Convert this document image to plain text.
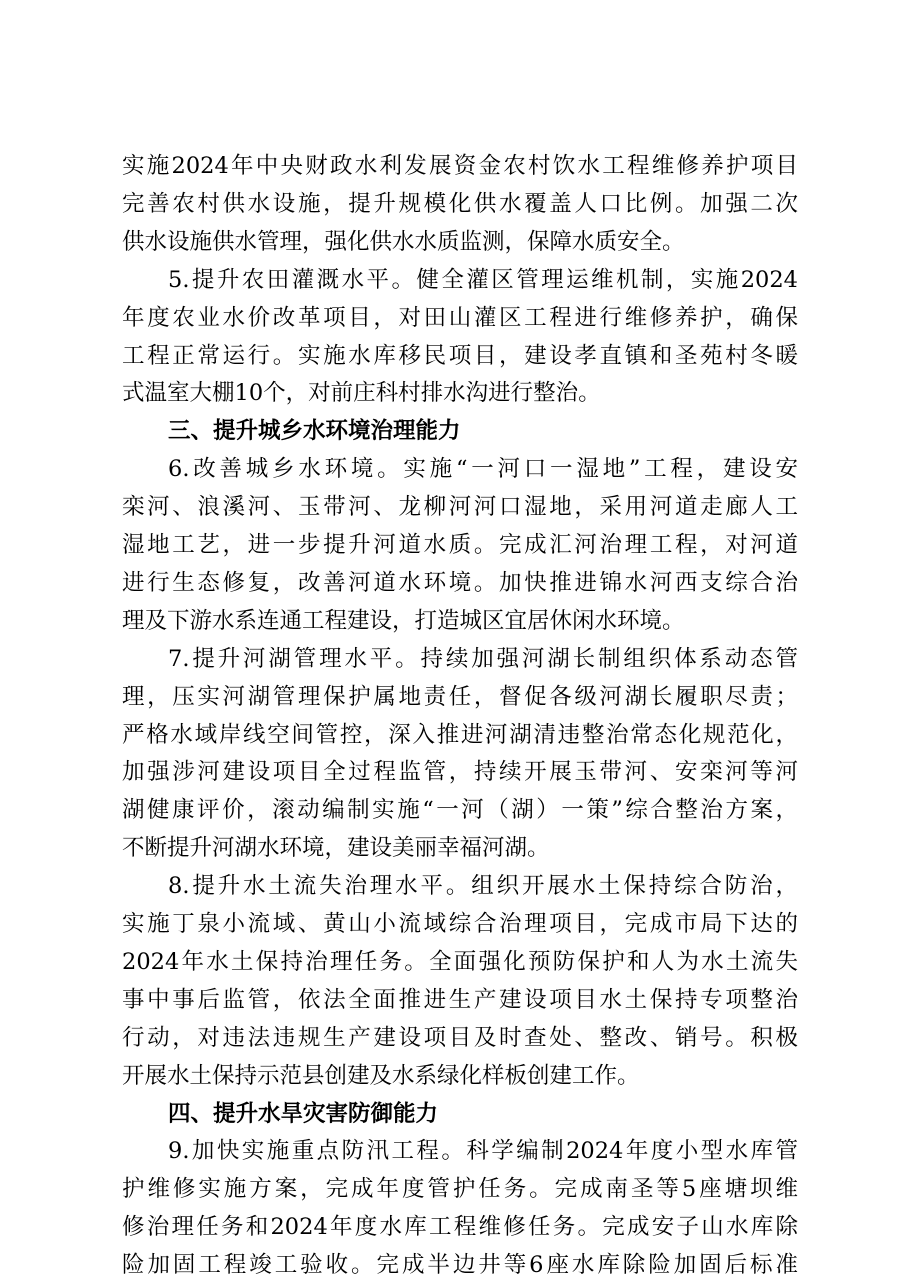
实施2024年中央财政水利发展资金农村饮水工程维修养护项目
完善农村供水设施，提升规模化供水覆盖人口比例。加强二次
供水设施供水管理，强化供水水质监测，保障水质安全。
5.提升农田灌溉水平。健全灌区管理运维机制，实施2024
年度农业水价改革项目，对田山灌区工程进行维修养护，确保
工程正常运行。实施水库移民项目，建设孝直镇和圣苑村冬暖
式温室大棚10个，对前庄科村排水沟进行整治。
三、提升城乡水环境治理能力
6.改善城乡水环境。实施“一河口一湿地”工程，建设安
栾河、浪溪河、玉带河、龙柳河河口湿地，采用河道走廊人工
湿地工艺，进一步提升河道水质。完成汇河治理工程，对河道
进行生态修复，改善河道水环境。加快推进锦水河西支综合治
理及下游水系连通工程建设，打造城区宜居休闲水环境。
7.提升河湖管理水平。持续加强河湖长制组织体系动态管
理，压实河湖管理保护属地责任，督促各级河湖长履职尽责；
严格水域岸线空间管控，深入推进河湖清违整治常态化规范化，
加强涉河建设项目全过程监管，持续开展玉带河、安栾河等河
湖健康评价，滚动编制实施“一河（湖）一策”综合整治方案，
不断提升河湖水环境，建设美丽幸福河湖。
8.提升水土流失治理水平。组织开展水土保持综合防治，
实施丁泉小流域、黄山小流域综合治理项目，完成市局下达的
2024年水土保持治理任务。全面强化预防保护和人为水土流失
事中事后监管，依法全面推进生产建设项目水土保持专项整治
行动，对违法违规生产建设项目及时查处、整改、销号。积极
开展水土保持示范县创建及水系绿化样板创建工作。
四、提升水旱灾害防御能力
9.加快实施重点防汛工程。科学编制2024年度小型水库管
护维修实施方案，完成年度管护任务。完成南圣等5座塘坝维
修治理任务和2024年度水库工程维修任务。完成安子山水库除
险加固工程竣工验收。完成半边井等6座水库除险加固后标准
